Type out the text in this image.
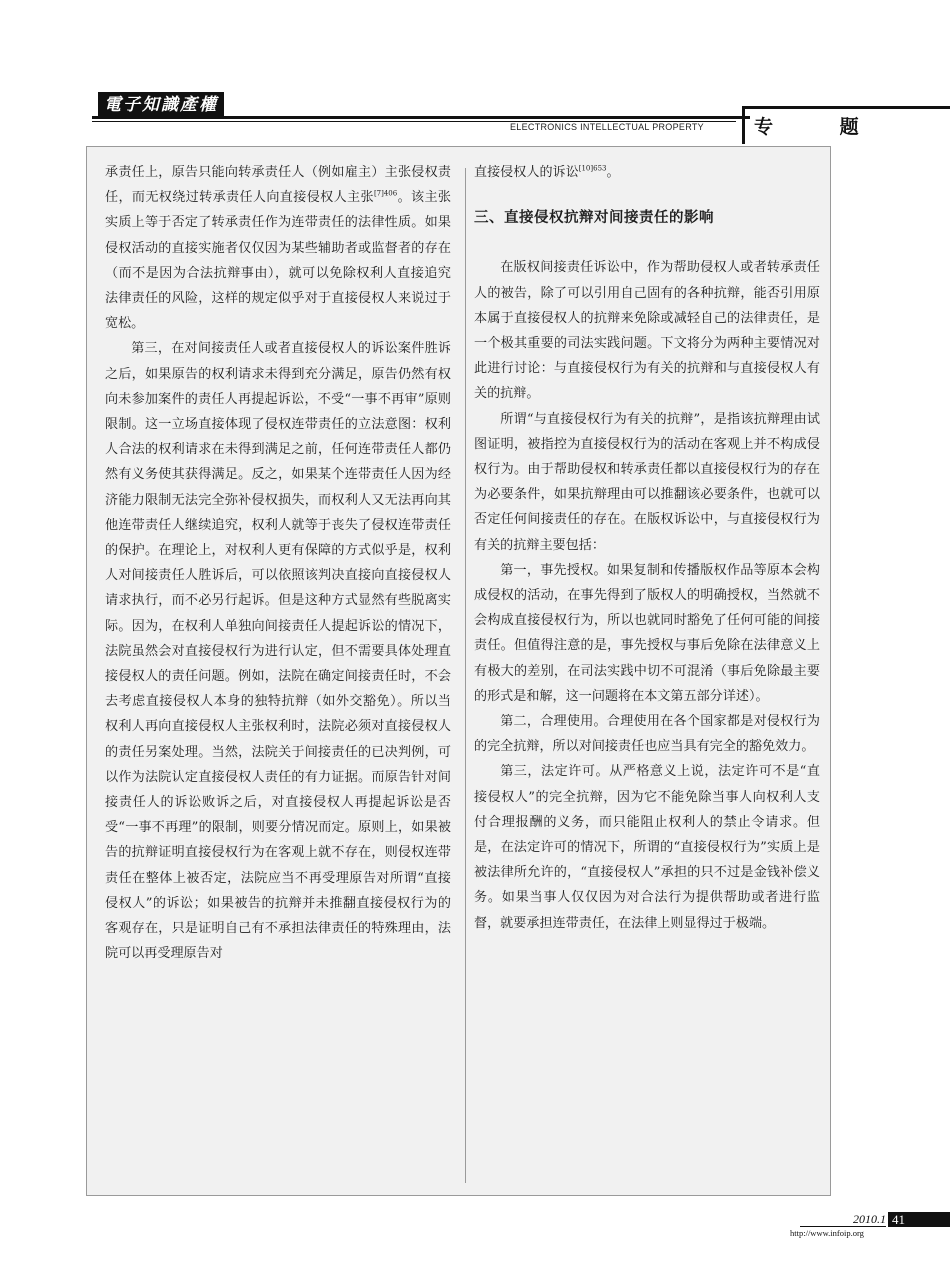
電子知識產權
ELECTRONICS INTELLECTUAL PROPERTY	专 题

承责任上，原告只能向转承责任人（例如雇主）主张侵权责任，而无权绕过转承责任人向直接侵权人主张$^{[7]406}$。该主张实质上等于否定了转承责任作为连带责任的法律性质。如果侵权活动的直接实施者仅仅因为某些辅助者或监督者的存在（而不是因为合法抗辩事由），就可以免除权利人直接追究法律责任的风险，这样的规定似乎对于直接侵权人来说过于宽松。

第三，在对间接责任人或者直接侵权人的诉讼案件胜诉之后，如果原告的权利请求未得到充分满足，原告仍然有权向未参加案件的责任人再提起诉讼，不受“一事不再审”原则限制。这一立场直接体现了侵权连带责任的立法意图：权利人合法的权利请求在未得到满足之前，任何连带责任人都仍然有义务使其获得满足。反之，如果某个连带责任人因为经济能力限制无法完全弥补侵权损失，而权利人又无法再向其他连带责任人继续追究，权利人就等于丧失了侵权连带责任的保护。在理论上，对权利人更有保障的方式似乎是，权利人对间接责任人胜诉后，可以依照该判决直接向直接侵权人请求执行，而不必另行起诉。但是这种方式显然有些脱离实际。因为，在权利人单独向间接责任人提起诉讼的情况下，法院虽然会对直接侵权行为进行认定，但不需要具体处理直接侵权人的责任问题。例如，法院在确定间接责任时，不会去考虑直接侵权人本身的独特抗辩（如外交豁免）。所以当权利人再向直接侵权人主张权利时，法院必须对直接侵权人的责任另案处理。当然，法院关于间接责任的已决判例，可以作为法院认定直接侵权人责任的有力证据。而原告针对间接责任人的诉讼败诉之后，对直接侵权人再提起诉讼是否受“一事不再理”的限制，则要分情况而定。原则上，如果被告的抗辩证明直接侵权行为在客观上就不存在，则侵权连带责任在整体上被否定，法院应当不再受理原告对所谓“直接侵权人”的诉讼；如果被告的抗辩并未推翻直接侵权行为的客观存在，只是证明自己有不承担法律责任的特殊理由，法院可以再受理原告对

直接侵权人的诉讼$^{[10]653}$。

三、直接侵权抗辩对间接责任的影响

在版权间接责任诉讼中，作为帮助侵权人或者转承责任人的被告，除了可以引用自己固有的各种抗辩，能否引用原本属于直接侵权人的抗辩来免除或减轻自己的法律责任，是一个极其重要的司法实践问题。下文将分为两种主要情况对此进行讨论：与直接侵权行为有关的抗辩和与直接侵权人有关的抗辩。

所谓“与直接侵权行为有关的抗辩”，是指该抗辩理由试图证明，被指控为直接侵权行为的活动在客观上并不构成侵权行为。由于帮助侵权和转承责任都以直接侵权行为的存在为必要条件，如果抗辩理由可以推翻该必要条件，也就可以否定任何间接责任的存在。在版权诉讼中，与直接侵权行为有关的抗辩主要包括：

第一，事先授权。如果复制和传播版权作品等原本会构成侵权的活动，在事先得到了版权人的明确授权，当然就不会构成直接侵权行为，所以也就同时豁免了任何可能的间接责任。但值得注意的是，事先授权与事后免除在法律意义上有极大的差别，在司法实践中切不可混淆（事后免除最主要的形式是和解，这一问题将在本文第五部分详述）。

第二，合理使用。合理使用在各个国家都是对侵权行为的完全抗辩，所以对间接责任也应当具有完全的豁免效力。

第三，法定许可。从严格意义上说，法定许可不是“直接侵权人”的完全抗辩，因为它不能免除当事人向权利人支付合理报酬的义务，而只能阻止权利人的禁止令请求。但是，在法定许可的情况下，所谓的“直接侵权行为”实质上是被法律所允许的，“直接侵权人”承担的只不过是金钱补偿义务。如果当事人仅仅因为对合法行为提供帮助或者进行监督，就要承担连带责任，在法律上则显得过于极端。

2010.1 41
http://www.infoip.org
